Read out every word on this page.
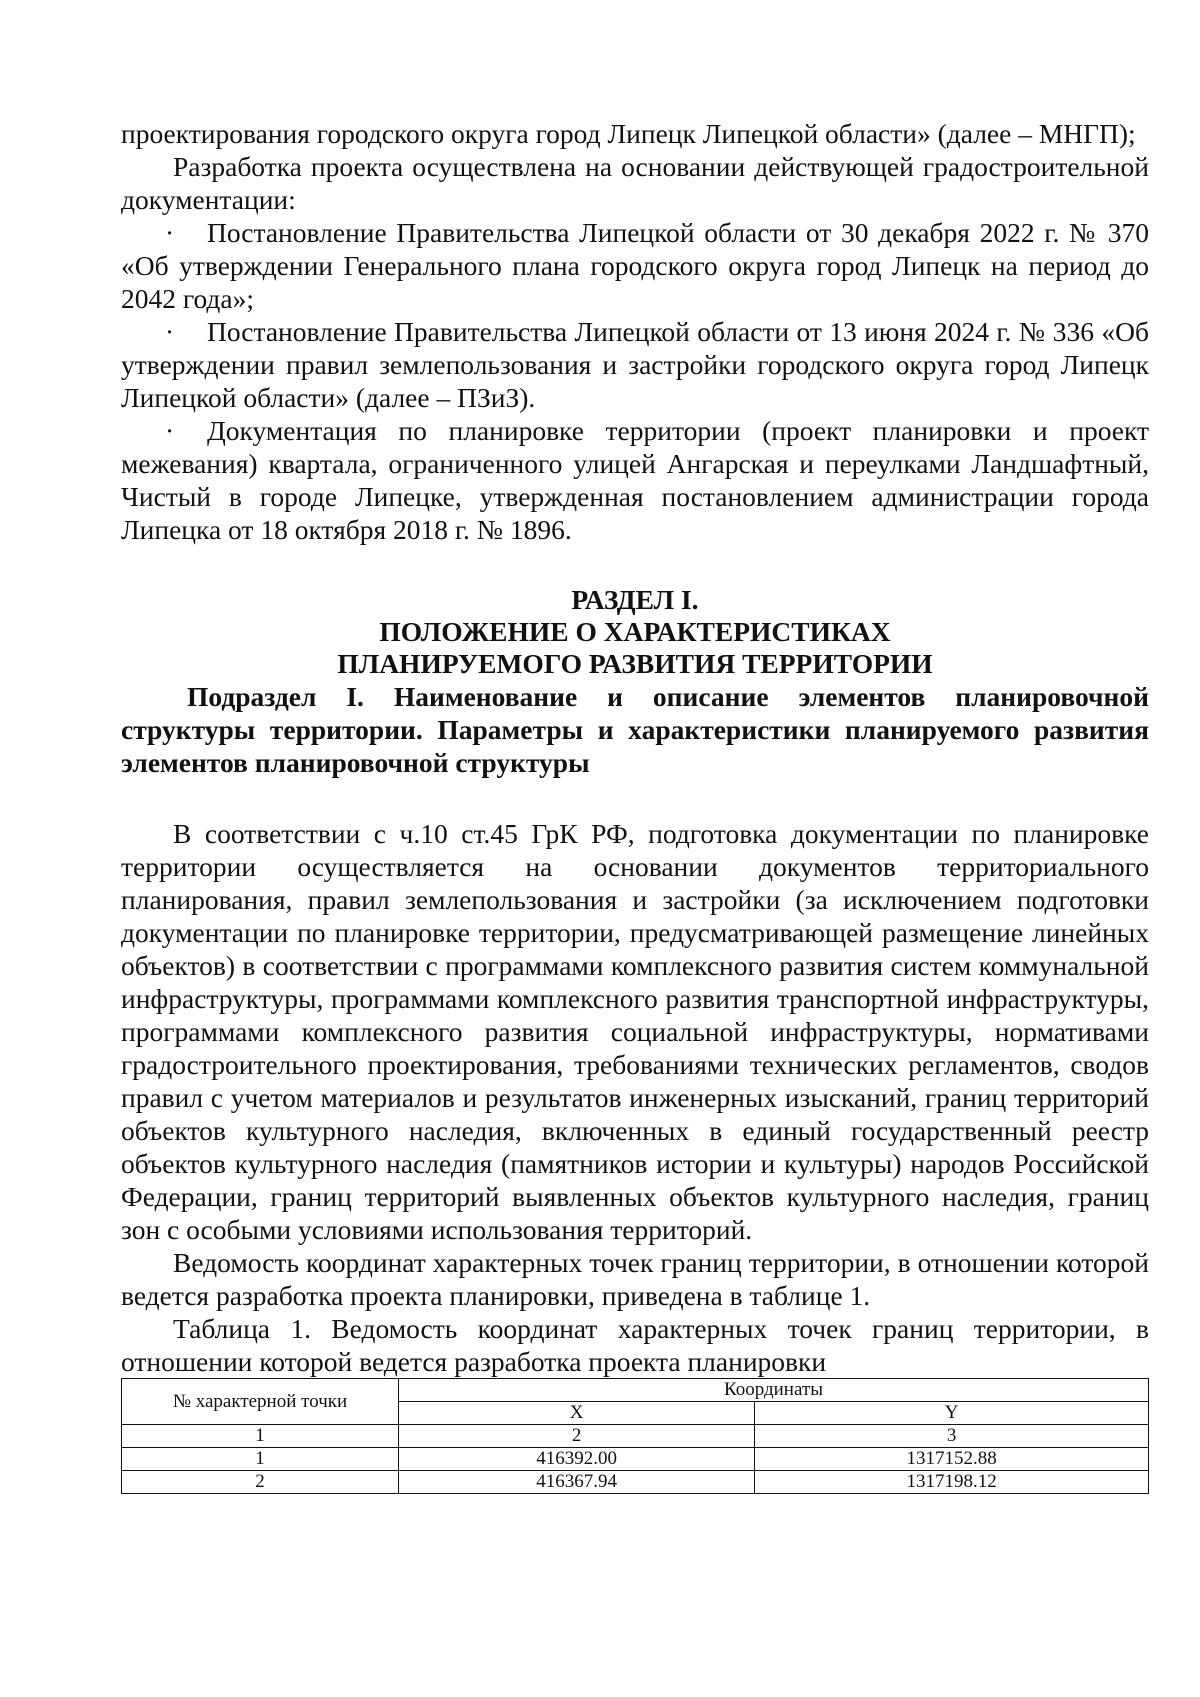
проектирования городского округа город Липецк Липецкой области» (далее – МНГП);

Разработка проекта осуществлена на основании действующей градостроительной документации:

· Постановление Правительства Липецкой области от 30 декабря 2022 г. № 370 «Об утверждении Генерального плана городского округа город Липецк на период до 2042 года»;

· Постановление Правительства Липецкой области от 13 июня 2024 г. № 336 «Об утверждении правил землепользования и застройки городского округа город Липецк Липецкой области» (далее – ПЗиЗ).

· Документация по планировке территории (проект планировки и проект межевания) квартала, ограниченного улицей Ангарская и переулками Ландшафтный, Чистый в городе Липецке, утвержденная постановлением администрации города Липецка от 18 октября 2018 г. № 1896.

РАЗДЕЛ I.
ПОЛОЖЕНИЕ О ХАРАКТЕРИСТИКАХ
ПЛАНИРУЕМОГО РАЗВИТИЯ ТЕРРИТОРИИ

Подраздел I. Наименование и описание элементов планировочной структуры территории. Параметры и характеристики планируемого развития элементов планировочной структуры

В соответствии с ч.10 ст.45 ГрК РФ, подготовка документации по планировке территории осуществляется на основании документов территориального планирования, правил землепользования и застройки (за исключением подготовки документации по планировке территории, предусматривающей размещение линейных объектов) в соответствии с программами комплексного развития систем коммунальной инфраструктуры, программами комплексного развития транспортной инфраструктуры, программами комплексного развития социальной инфраструктуры, нормативами градостроительного проектирования, требованиями технических регламентов, сводов правил с учетом материалов и результатов инженерных изысканий, границ территорий объектов культурного наследия, включенных в единый государственный реестр объектов культурного наследия (памятников истории и культуры) народов Российской Федерации, границ территорий выявленных объектов культурного наследия, границ зон с особыми условиями использования территорий.

Ведомость координат характерных точек границ территории, в отношении которой ведется разработка проекта планировки, приведена в таблице 1.

Таблица 1. Ведомость координат характерных точек границ территории, в отношении которой ведется разработка проекта планировки

№ характерной точки	Координаты	
	X	Y
1	2	3
1	416392.00	1317152.88
2	416367.94	1317198.12
